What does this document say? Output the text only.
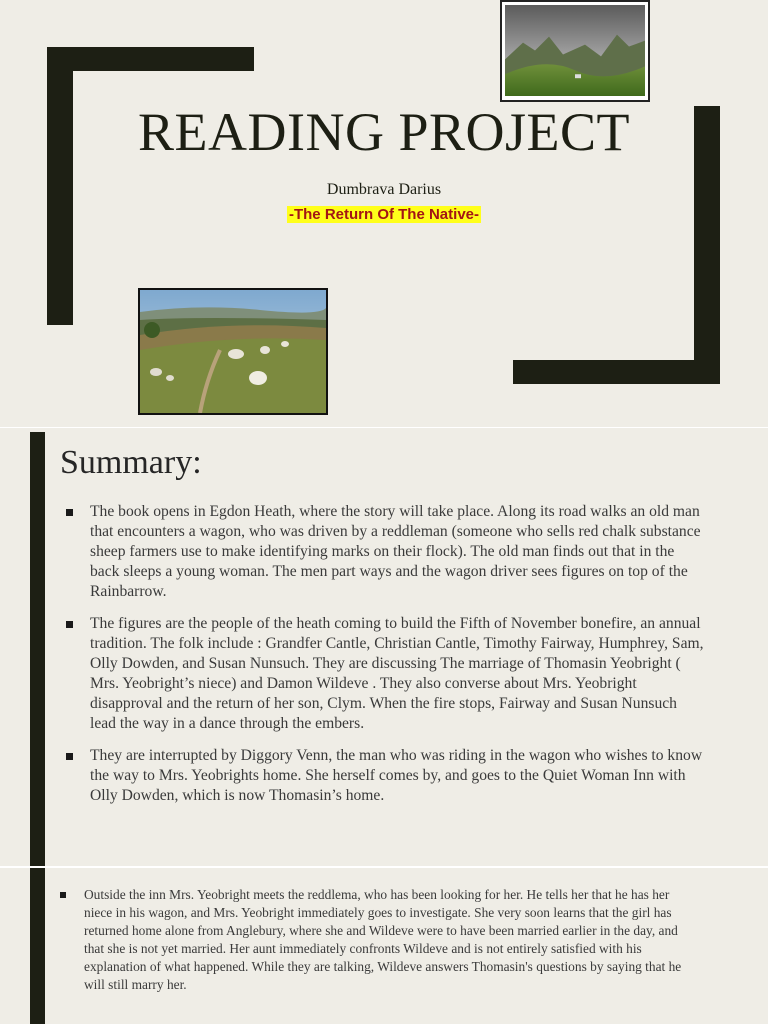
READING PROJECT
Dumbrava Darius
-The Return Of The Native-
Summary:
The book opens in Egdon Heath, where the story will take place. Along its road walks an old man that encounters a wagon, who was driven by a reddleman (someone who sells red chalk substance sheep farmers use to make identifying marks on their flock). The old man finds out that in the back sleeps a young woman. The men part ways and the wagon driver sees figures on top of the Rainbarrow.
The figures are the people of the heath coming to build the Fifth of November bonefire, an annual tradition. The folk include : Grandfer Cantle, Christian Cantle, Timothy Fairway, Humphrey, Sam, Olly Dowden, and Susan Nunsuch. They are discussing The marriage of Thomasin Yeobright ( Mrs. Yeobright’s niece) and Damon Wildeve . They also converse about Mrs. Yeobright disapproval and the return of her son, Clym. When the fire stops, Fairway and Susan Nunsuch lead the way in a dance through the embers.
They are interrupted by Diggory Venn, the man who was riding in the wagon who wishes to know the way to Mrs. Yeobrights home. She herself comes by, and goes to the Quiet Woman Inn with Olly Dowden, which is now Thomasin’s home.
Outside the inn Mrs. Yeobright meets the reddlema, who has been looking for her. He tells her that he has her niece in his wagon, and Mrs. Yeobright immediately goes to investigate. She very soon learns that the girl has returned home alone from Anglebury, where she and Wildeve were to have been married earlier in the day, and that she is not yet married. Her aunt immediately confronts Wildeve and is not entirely satisfied with his explanation of what happened. While they are talking, Wildeve answers Thomasin's questions by saying that he will still marry her.
